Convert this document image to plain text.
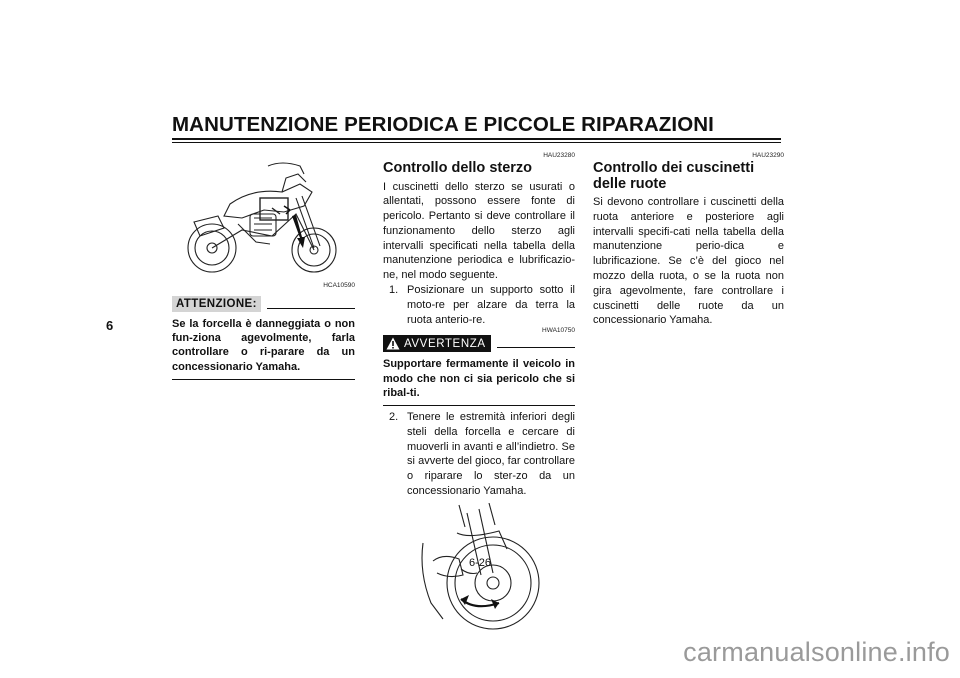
MANUTENZIONE PERIODICA E PICCOLE RIPARAZIONI
6
HCA10590
ATTENZIONE:
Se la forcella è danneggiata o non fun-ziona agevolmente, farla controllare o ri-parare da un concessionario Yamaha.
HAU23280
Controllo dello sterzo
I cuscinetti dello sterzo se usurati o allentati, possono essere fonte di pericolo. Pertanto si deve controllare il funzionamento dello sterzo agli intervalli specificati nella tabella della manutenzione periodica e lubrificazio-ne, nel modo seguente.
1. Posizionare un supporto sotto il moto-re per alzare da terra la ruota anterio-re.
HWA10750
AVVERTENZA
Supportare fermamente il veicolo in modo che non ci sia pericolo che si ribal-ti.
2. Tenere le estremità inferiori degli steli della forcella e cercare di muoverli in avanti e all’indietro. Se si avverte del gioco, far controllare o riparare lo ster-zo da un concessionario Yamaha.
HAU23290
Controllo dei cuscinetti delle ruote
Si devono controllare i cuscinetti della ruota anteriore e posteriore agli intervalli specifi-cati nella tabella della manutenzione perio-dica e lubrificazione. Se c’è del gioco nel mozzo della ruota, o se la ruota non gira agevolmente, fare controllare i cuscinetti delle ruote da un concessionario Yamaha.
6-26
carmanualsonline.info
